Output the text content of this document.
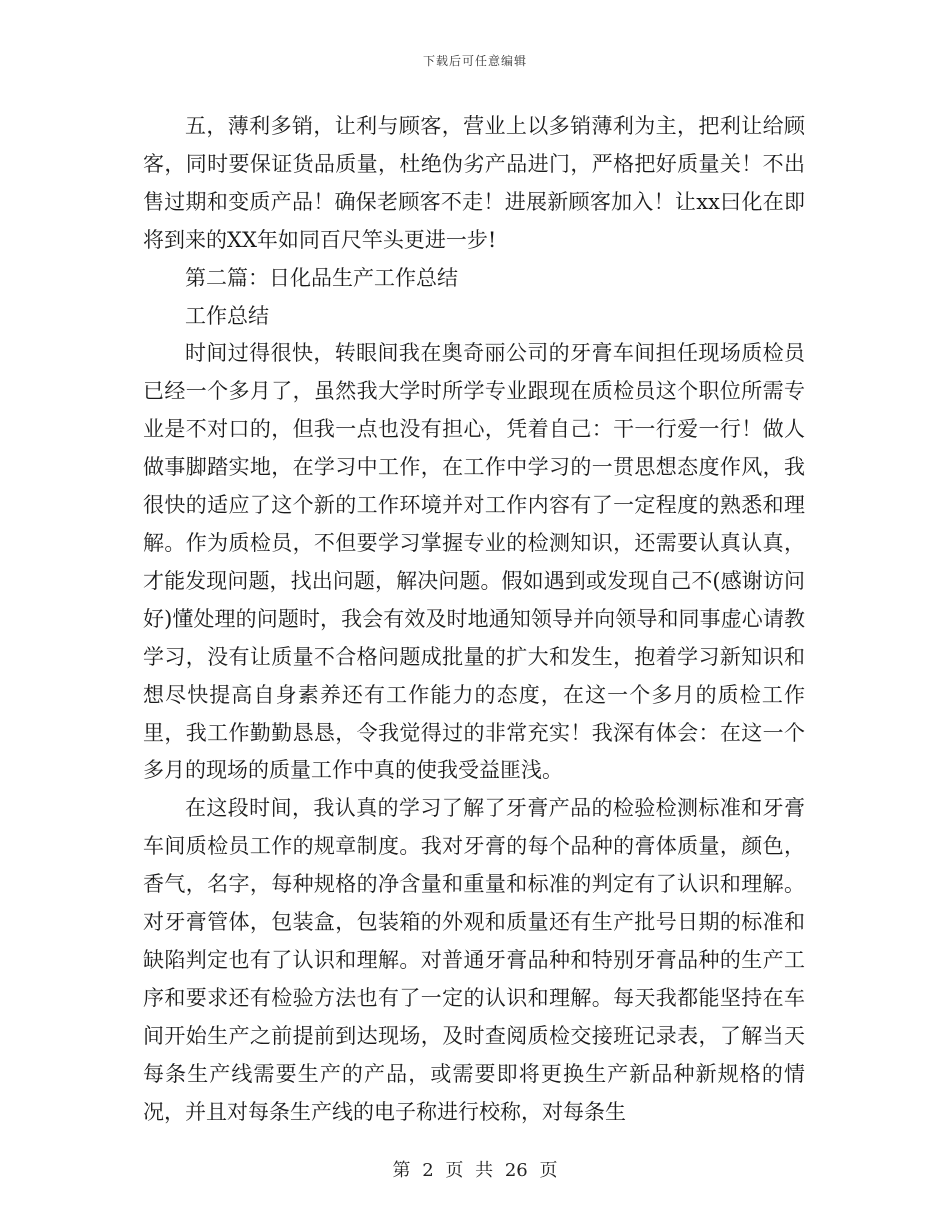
下载后可任意编辑

五，薄利多销，让利与顾客，营业上以多销薄利为主，把利让给顾客，同时要保证货品质量，杜绝伪劣产品进门，严格把好质量关！不出售过期和变质产品！确保老顾客不走！进展新顾客加入！让xx曰化在即将到来的XX年如同百尺竿头更进一步!

第二篇：日化品生产工作总结

工作总结

时间过得很快，转眼间我在奥奇丽公司的牙膏车间担任现场质检员已经一个多月了，虽然我大学时所学专业跟现在质检员这个职位所需专业是不对口的，但我一点也没有担心，凭着自己：干一行爱一行！做人做事脚踏实地，在学习中工作，在工作中学习的一贯思想态度作风，我很快的适应了这个新的工作环境并对工作内容有了一定程度的熟悉和理解。作为质检员，不但要学习掌握专业的检测知识，还需要认真认真，才能发现问题，找出问题，解决问题。假如遇到或发现自己不(感谢访问好)懂处理的问题时，我会有效及时地通知领导并向领导和同事虚心请教学习，没有让质量不合格问题成批量的扩大和发生，抱着学习新知识和想尽快提高自身素养还有工作能力的态度，在这一个多月的质检工作里，我工作勤勤恳恳，令我觉得过的非常充实！我深有体会：在这一个多月的现场的质量工作中真的使我受益匪浅。

在这段时间，我认真的学习了解了牙膏产品的检验检测标准和牙膏车间质检员工作的规章制度。我对牙膏的每个品种的膏体质量，颜色，香气，名字，每种规格的净含量和重量和标准的判定有了认识和理解。对牙膏管体，包装盒，包装箱的外观和质量还有生产批号日期的标准和缺陷判定也有了认识和理解。对普通牙膏品种和特别牙膏品种的生产工序和要求还有检验方法也有了一定的认识和理解。每天我都能坚持在车间开始生产之前提前到达现场，及时查阅质检交接班记录表，了解当天每条生产线需要生产的产品，或需要即将更换生产新品种新规格的情况，并且对每条生产线的电子称进行校称，对每条生

第 2 页 共 26 页
